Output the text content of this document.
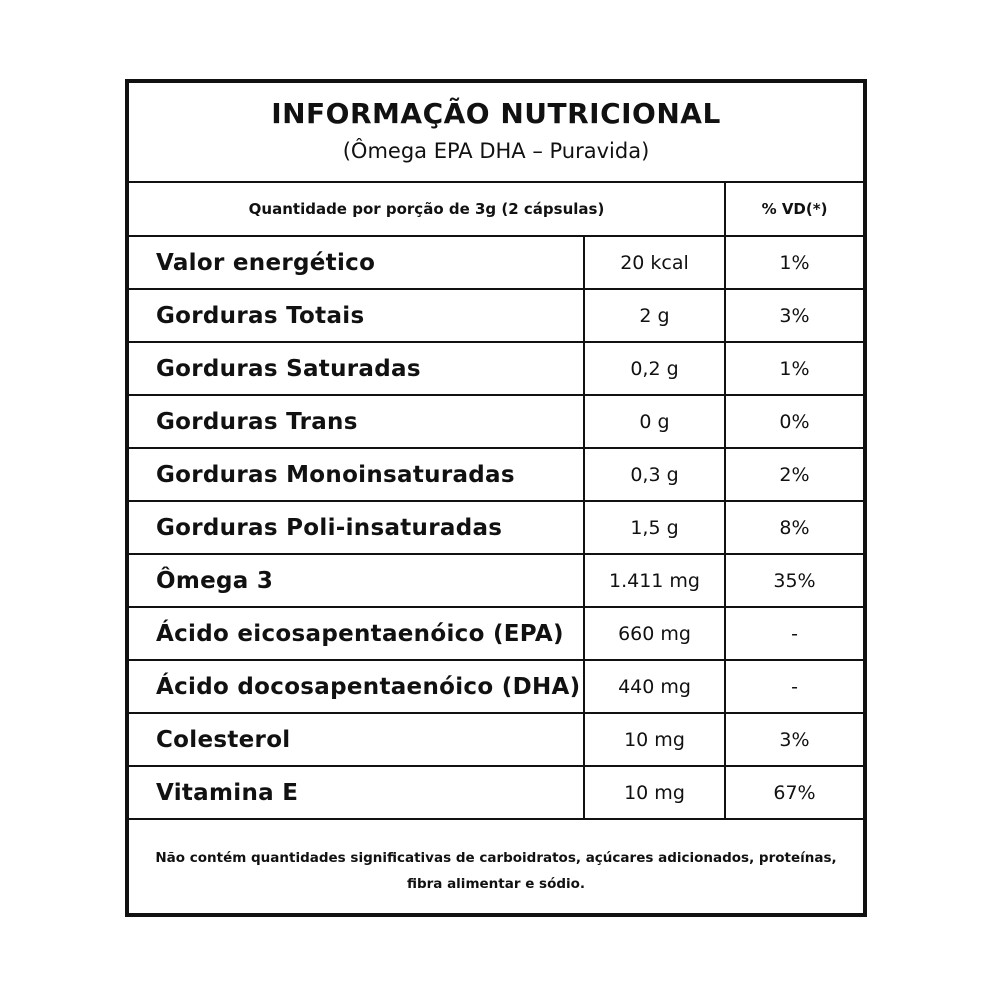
INFORMAÇÃO NUTRICIONAL
(Ômega EPA DHA – Puravida)
Quantidade por porção de 3g (2 cápsulas)	% VD(*)
Valor energético	20 kcal	1%
Gorduras Totais	2 g	3%
Gorduras Saturadas	0,2 g	1%
Gorduras Trans	0 g	0%
Gorduras Monoinsaturadas	0,3 g	2%
Gorduras Poli-insaturadas	1,5 g	8%
Ômega 3	1.411 mg	35%
Ácido eicosapentaenóico (EPA)	660 mg	-
Ácido docosapentaenóico (DHA)	440 mg	-
Colesterol	10 mg	3%
Vitamina E	10 mg	67%
Não contém quantidades significativas de carboidratos, açúcares adicionados, proteínas, fibra alimentar e sódio.
